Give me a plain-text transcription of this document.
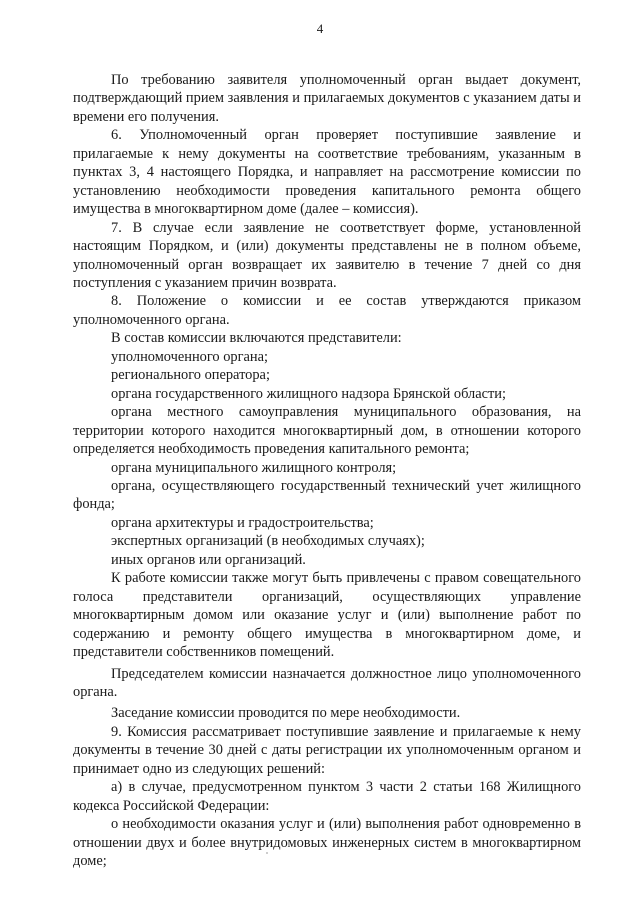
4

По требованию заявителя уполномоченный орган выдает документ, подтверждающий прием заявления и прилагаемых документов с указанием даты и времени его получения.

6. Уполномоченный орган проверяет поступившие заявление и прилагаемые к нему документы на соответствие требованиям, указанным в пунктах 3, 4 настоящего Порядка, и направляет на рассмотрение комиссии по установлению необходимости проведения капитального ремонта общего имущества в многоквартирном доме (далее – комиссия).

7. В случае если заявление не соответствует форме, установленной настоящим Порядком, и (или) документы представлены не в полном объеме, уполномоченный орган возвращает их заявителю в течение 7 дней со дня поступления с указанием причин возврата.

8. Положение о комиссии и ее состав утверждаются приказом уполномоченного органа.

В состав комиссии включаются представители:

уполномоченного органа;

регионального оператора;

органа государственного жилищного надзора Брянской области;

органа местного самоуправления муниципального образования, на территории которого находится многоквартирный дом, в отношении которого определяется необходимость проведения капитального ремонта;

органа муниципального жилищного контроля;

органа, осуществляющего государственный технический учет жилищного фонда;

органа архитектуры и градостроительства;

экспертных организаций (в необходимых случаях);

иных органов или организаций.

К работе комиссии также могут быть привлечены с правом совещательного голоса представители организаций, осуществляющих управление многоквартирным домом или оказание услуг и (или) выполнение работ по содержанию и ремонту общего имущества в многоквартирном доме, и представители собственников помещений.

Председателем комиссии назначается должностное лицо уполномоченного органа.

Заседание комиссии проводится по мере необходимости.

9. Комиссия рассматривает поступившие заявление и прилагаемые к нему документы в течение 30 дней с даты регистрации их уполномоченным органом и принимает одно из следующих решений:

а) в случае, предусмотренном пунктом 3 части 2 статьи 168 Жилищного кодекса Российской Федерации:

о необходимости оказания услуг и (или) выполнения работ одновременно в отношении двух и более внутридомовых инженерных систем в многоквартирном доме;
